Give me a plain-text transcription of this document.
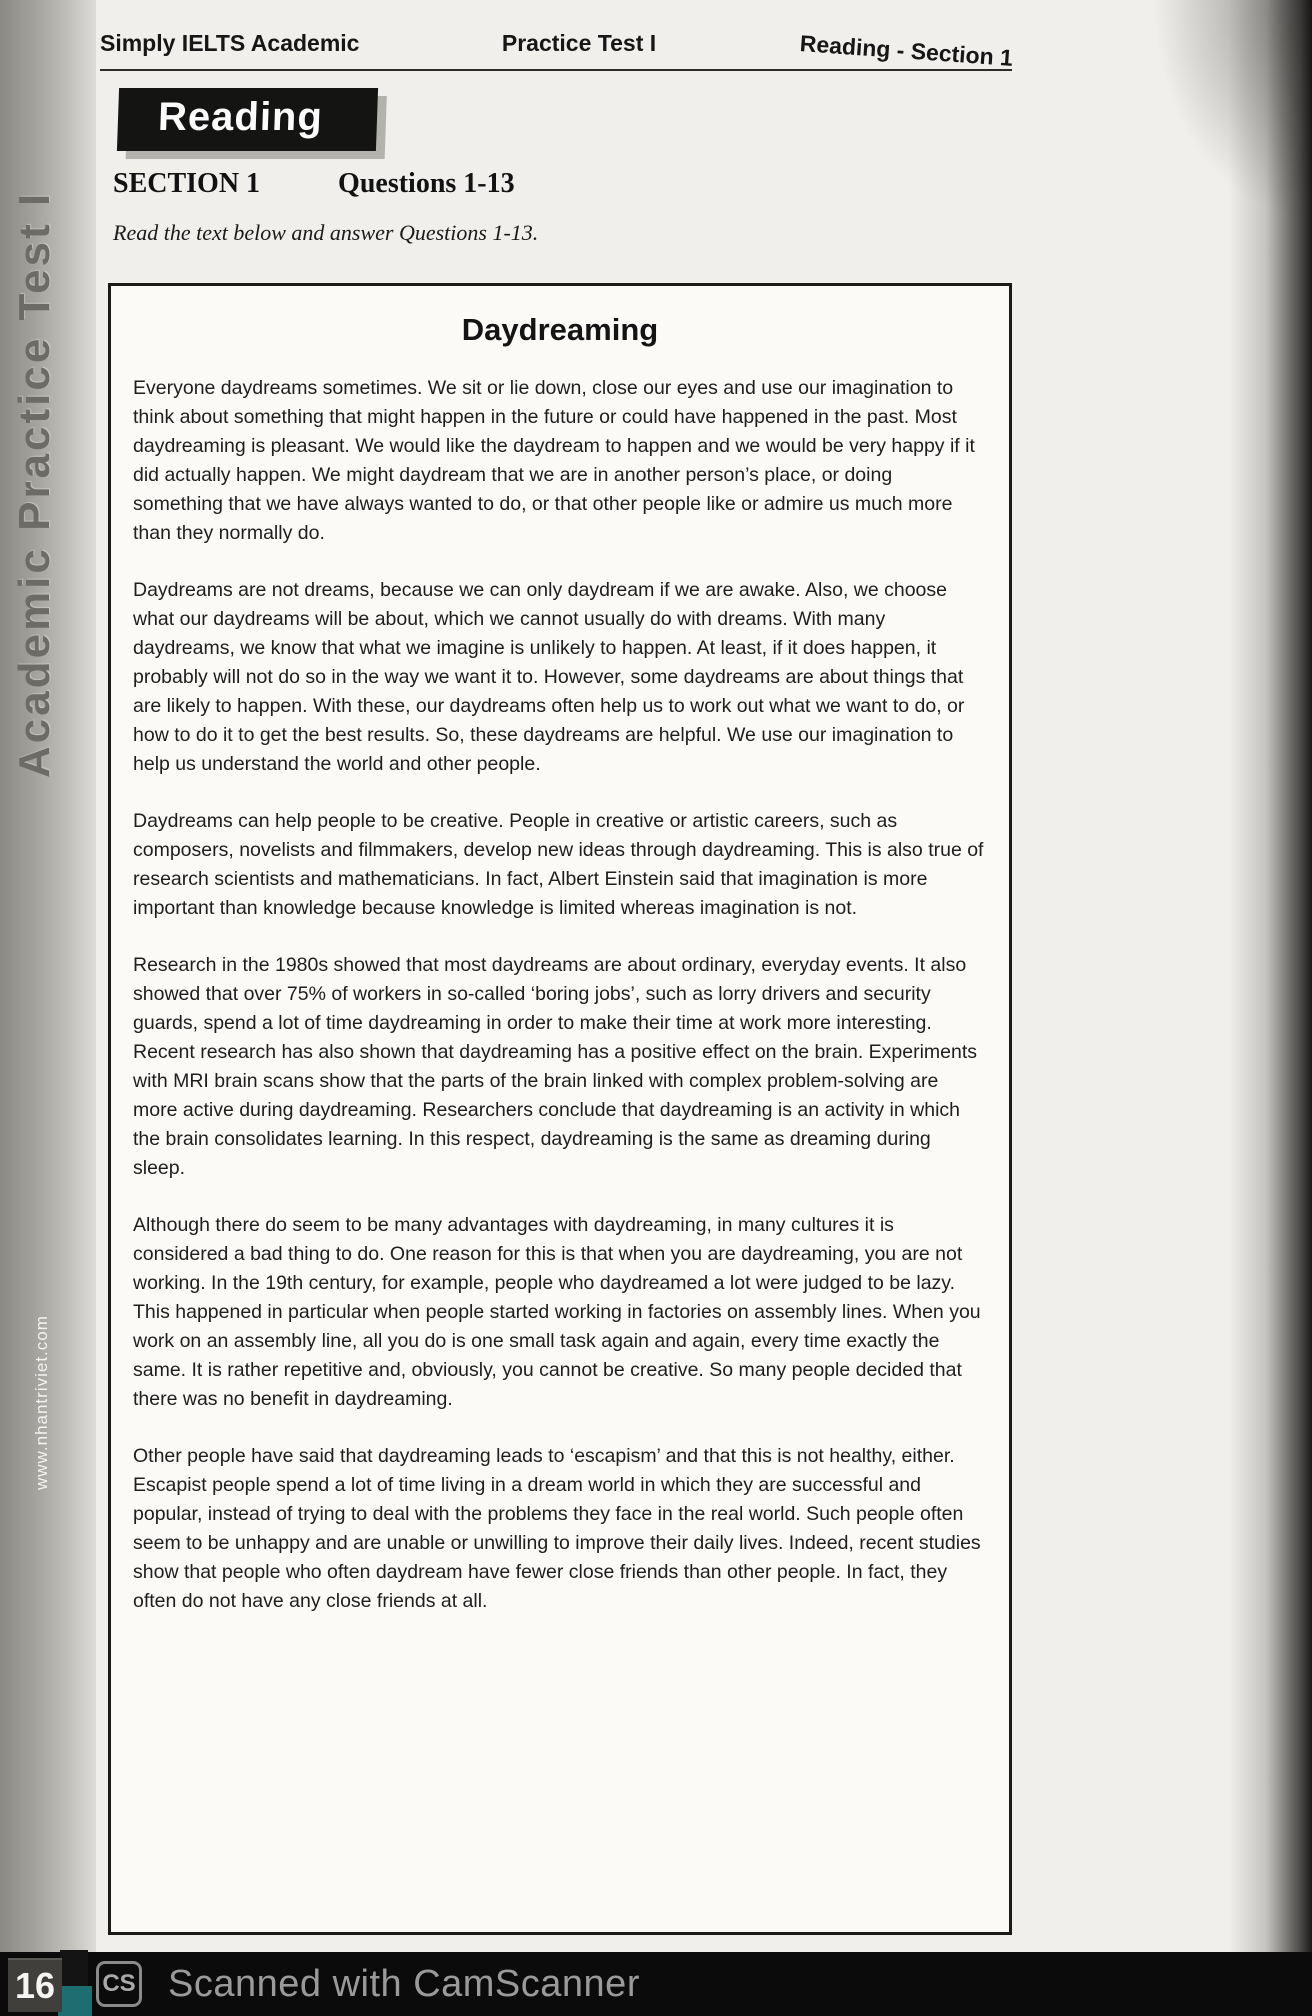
Academic Practice Test I
www.nhantriviet.com
Simply IELTS Academic	Practice Test I	Reading - Section 1
Reading
SECTION 1	Questions 1-13
Read the text below and answer Questions 1-13.
Daydreaming

Everyone daydreams sometimes. We sit or lie down, close our eyes and use our imagination to think about something that might happen in the future or could have happened in the past. Most daydreaming is pleasant. We would like the daydream to happen and we would be very happy if it did actually happen. We might daydream that we are in another person’s place, or doing something that we have always wanted to do, or that other people like or admire us much more than they normally do.

Daydreams are not dreams, because we can only daydream if we are awake. Also, we choose what our daydreams will be about, which we cannot usually do with dreams. With many daydreams, we know that what we imagine is unlikely to happen. At least, if it does happen, it probably will not do so in the way we want it to. However, some daydreams are about things that are likely to happen. With these, our daydreams often help us to work out what we want to do, or how to do it to get the best results. So, these daydreams are helpful. We use our imagination to help us understand the world and other people.

Daydreams can help people to be creative. People in creative or artistic careers, such as composers, novelists and filmmakers, develop new ideas through daydreaming. This is also true of research scientists and mathematicians. In fact, Albert Einstein said that imagination is more important than knowledge because knowledge is limited whereas imagination is not.

Research in the 1980s showed that most daydreams are about ordinary, everyday events. It also showed that over 75% of workers in so-called ‘boring jobs’, such as lorry drivers and security guards, spend a lot of time daydreaming in order to make their time at work more interesting. Recent research has also shown that daydreaming has a positive effect on the brain. Experiments with MRI brain scans show that the parts of the brain linked with complex problem-solving are more active during daydreaming. Researchers conclude that daydreaming is an activity in which the brain consolidates learning. In this respect, daydreaming is the same as dreaming during sleep.

Although there do seem to be many advantages with daydreaming, in many cultures it is considered a bad thing to do. One reason for this is that when you are daydreaming, you are not working. In the 19th century, for example, people who daydreamed a lot were judged to be lazy. This happened in particular when people started working in factories on assembly lines. When you work on an assembly line, all you do is one small task again and again, every time exactly the same. It is rather repetitive and, obviously, you cannot be creative. So many people decided that there was no benefit in daydreaming.

Other people have said that daydreaming leads to ‘escapism’ and that this is not healthy, either. Escapist people spend a lot of time living in a dream world in which they are successful and popular, instead of trying to deal with the problems they face in the real world. Such people often seem to be unhappy and are unable or unwilling to improve their daily lives. Indeed, recent studies show that people who often daydream have fewer close friends than other people. In fact, they often do not have any close friends at all.

CS Scanned with CamScanner
16
